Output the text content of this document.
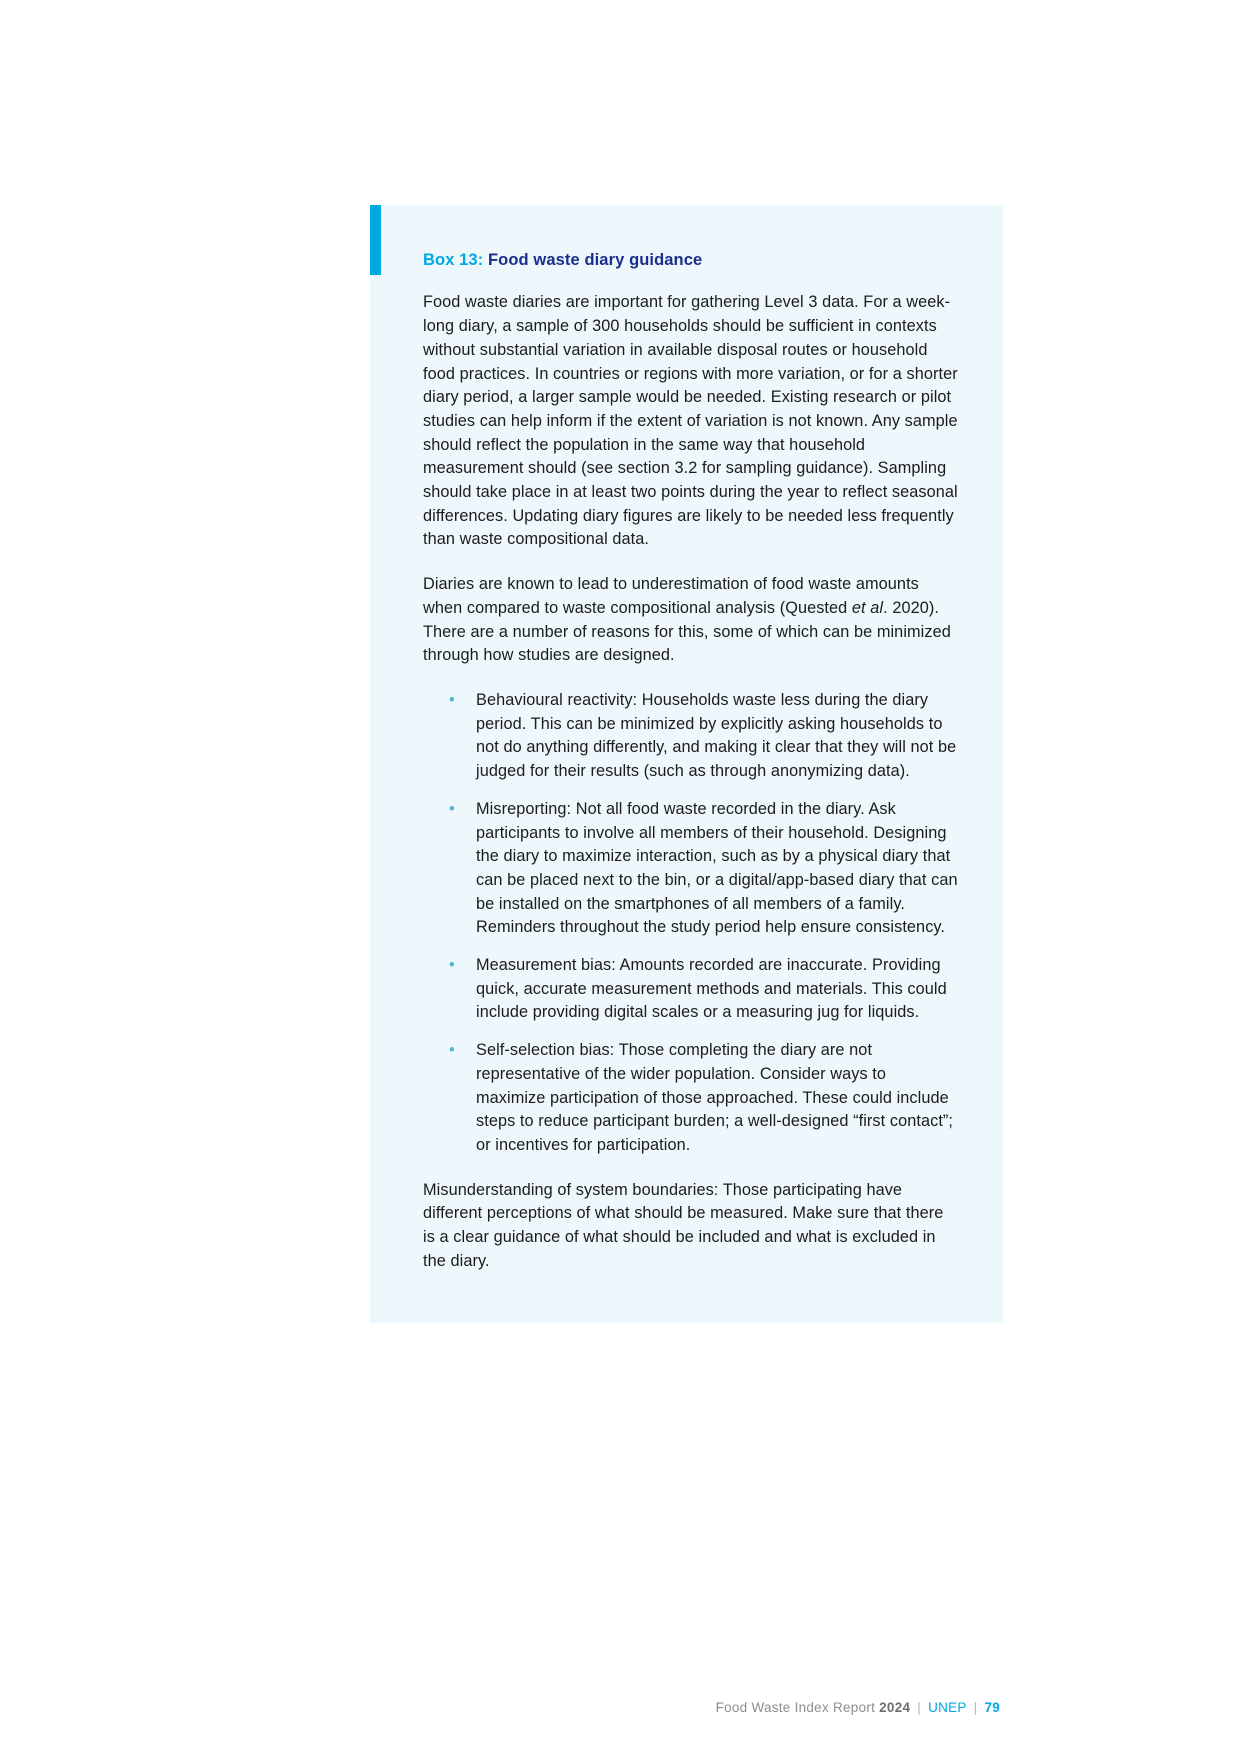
Box 13: Food waste diary guidance

Food waste diaries are important for gathering Level 3 data. For a week-long diary, a sample of 300 households should be sufficient in contexts without substantial variation in available disposal routes or household food practices. In countries or regions with more variation, or for a shorter diary period, a larger sample would be needed. Existing research or pilot studies can help inform if the extent of variation is not known. Any sample should reflect the population in the same way that household measurement should (see section 3.2 for sampling guidance). Sampling should take place in at least two points during the year to reflect seasonal differences. Updating diary figures are likely to be needed less frequently than waste compositional data.

Diaries are known to lead to underestimation of food waste amounts when compared to waste compositional analysis (Quested et al. 2020). There are a number of reasons for this, some of which can be minimized through how studies are designed.

• Behavioural reactivity: Households waste less during the diary period. This can be minimized by explicitly asking households to not do anything differently, and making it clear that they will not be judged for their results (such as through anonymizing data).
• Misreporting: Not all food waste recorded in the diary. Ask participants to involve all members of their household. Designing the diary to maximize interaction, such as by a physical diary that can be placed next to the bin, or a digital/app-based diary that can be installed on the smartphones of all members of a family. Reminders throughout the study period help ensure consistency.
• Measurement bias: Amounts recorded are inaccurate. Providing quick, accurate measurement methods and materials. This could include providing digital scales or a measuring jug for liquids.
• Self-selection bias: Those completing the diary are not representative of the wider population. Consider ways to maximize participation of those approached. These could include steps to reduce participant burden; a well-designed “first contact”; or incentives for participation.

Misunderstanding of system boundaries: Those participating have different perceptions of what should be measured. Make sure that there is a clear guidance of what should be included and what is excluded in the diary.

Food Waste Index Report 2024 | UNEP | 79
